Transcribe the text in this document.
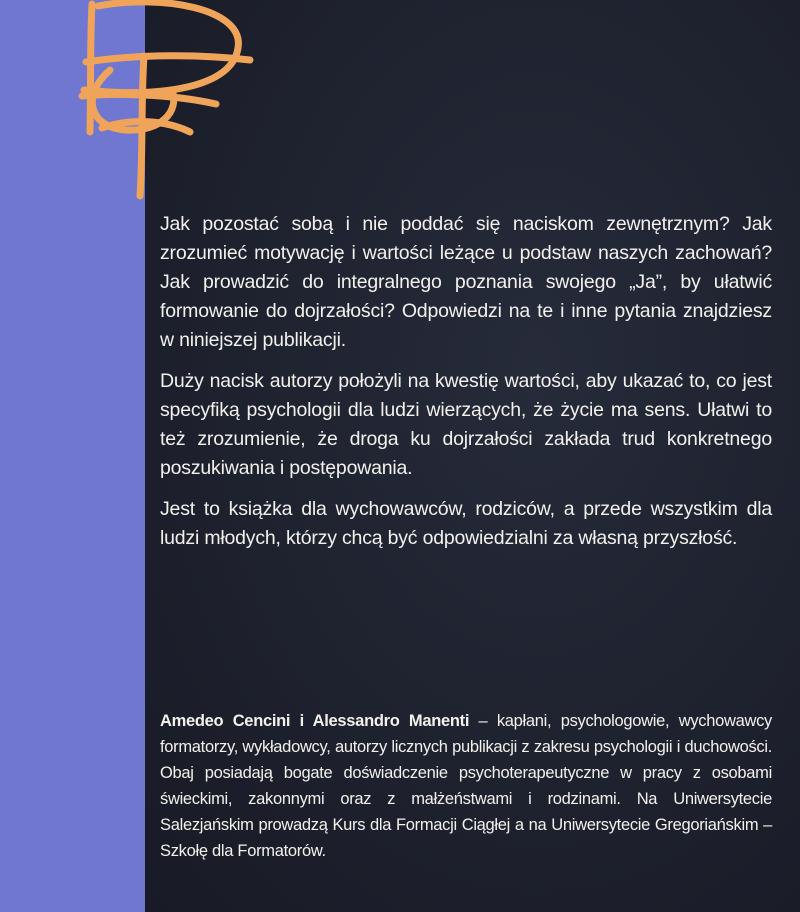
Jak pozostać sobą i nie poddać się naciskom zewnętrznym? Jak zrozumieć motywację i wartości leżące u podstaw naszych zachowań? Jak prowadzić do integralnego poznania swojego „Ja”, by ułatwić formowanie do dojrzałości? Odpowiedzi na te i inne pytania znajdziesz w niniejszej publikacji.

Duży nacisk autorzy położyli na kwestię wartości, aby ukazać to, co jest specyfiką psychologii dla ludzi wierzących, że życie ma sens. Ułatwi to też zrozumienie, że droga ku dojrzałości zakłada trud konkretnego poszukiwania i postępowania.

Jest to książka dla wychowawców, rodziców, a przede wszystkim dla ludzi młodych, którzy chcą być odpowiedzialni za własną przyszłość.

Amedeo Cencini i Alessandro Manenti – kapłani, psychologowie, wychowawcy formatorzy, wykładowcy, autorzy licznych publikacji z zakresu psychologii i duchowości. Obaj posiadają bogate doświadczenie psychoterapeutyczne w pracy z osobami świeckimi, zakonnymi oraz z małżeństwami i rodzinami. Na Uniwersytecie Salezjańskim prowadzą Kurs dla Formacji Ciągłej a na Uniwersytecie Gregoriańskim – Szkołę dla Formatorów.
